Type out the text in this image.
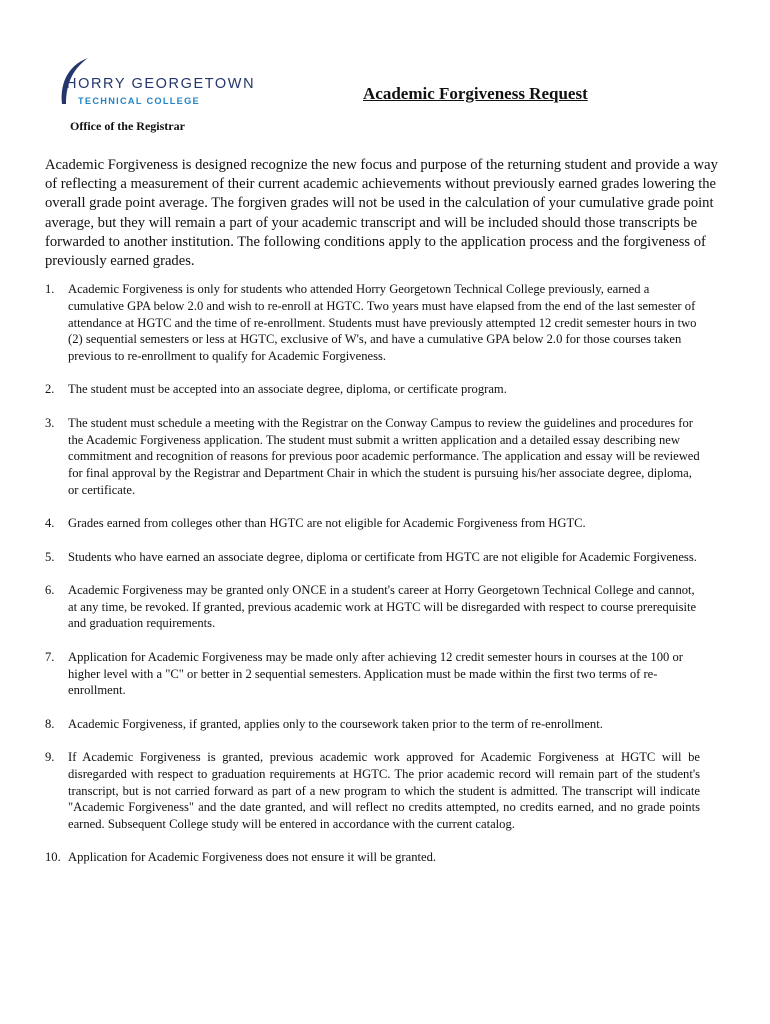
HORRY GEORGETOWN
TECHNICAL COLLEGE
Office of the Registrar
Academic Forgiveness Request

Academic Forgiveness is designed recognize the new focus and purpose of the returning student and provide a way of reflecting a measurement of their current academic achievements without previously earned grades lowering the overall grade point average. The forgiven grades will not be used in the calculation of your cumulative grade point average, but they will remain a part of your academic transcript and will be included should those transcripts be forwarded to another institution. The following conditions apply to the application process and the forgiveness of previously earned grades.

1.	Academic Forgiveness is only for students who attended Horry Georgetown Technical College previously, earned a cumulative GPA below 2.0 and wish to re-enroll at HGTC. Two years must have elapsed from the end of the last semester of attendance at HGTC and the time of re-enrollment. Students must have previously attempted 12 credit semester hours in two (2) sequential semesters or less at HGTC, exclusive of W's, and have a cumulative GPA below 2.0 for those courses taken previous to re-enrollment to qualify for Academic Forgiveness.
2.	The student must be accepted into an associate degree, diploma, or certificate program.
3.	The student must schedule a meeting with the Registrar on the Conway Campus to review the guidelines and procedures for the Academic Forgiveness application. The student must submit a written application and a detailed essay describing new commitment and recognition of reasons for previous poor academic performance. The application and essay will be reviewed for final approval by the Registrar and Department Chair in which the student is pursuing his/her associate degree, diploma, or certificate.
4.	Grades earned from colleges other than HGTC are not eligible for Academic Forgiveness from HGTC.
5.	Students who have earned an associate degree, diploma or certificate from HGTC are not eligible for Academic Forgiveness.
6.	Academic Forgiveness may be granted only ONCE in a student's career at Horry Georgetown Technical College and cannot, at any time, be revoked. If granted, previous academic work at HGTC will be disregarded with respect to course prerequisite and graduation requirements.
7.	Application for Academic Forgiveness may be made only after achieving 12 credit semester hours in courses at the 100 or higher level with a "C" or better in 2 sequential semesters. Application must be made within the first two terms of re-enrollment.
8.	Academic Forgiveness, if granted, applies only to the coursework taken prior to the term of re-enrollment.
9.	If Academic Forgiveness is granted, previous academic work approved for Academic Forgiveness at HGTC will be disregarded with respect to graduation requirements at HGTC. The prior academic record will remain part of the student's transcript, but is not carried forward as part of a new program to which the student is admitted. The transcript will indicate "Academic Forgiveness" and the date granted, and will reflect no credits attempted, no credits earned, and no grade points earned. Subsequent College study will be entered in accordance with the current catalog.
10. Application for Academic Forgiveness does not ensure it will be granted.
